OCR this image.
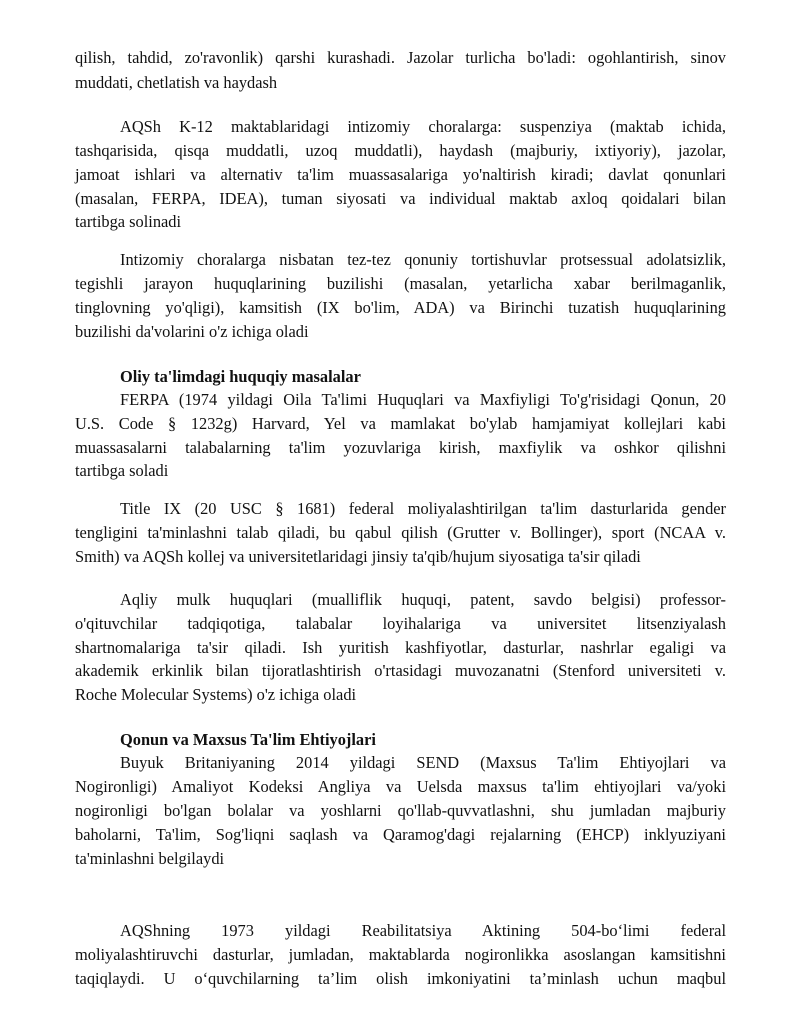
qilish, tahdid, zo'ravonlik) qarshi kurashadi. Jazolar turlicha bo'ladi: ogohlantirish, sinov
muddati, chetlatish va haydash
AQSh K-12 maktablaridagi intizomiy choralarga: suspenziya (maktab ichida,
tashqarisida, qisqa muddatli, uzoq muddatli), haydash (majburiy, ixtiyoriy), jazolar,
jamoat ishlari va alternativ ta'lim muassasalariga yo'naltirish kiradi; davlat qonunlari
(masalan, FERPA, IDEA), tuman siyosati va individual maktab axloq qoidalari bilan
tartibga solinadi
Intizomiy choralarga nisbatan tez-tez qonuniy tortishuvlar protsessual adolatsizlik,
tegishli jarayon huquqlarining buzilishi (masalan, yetarlicha xabar berilmaganlik,
tinglovning yo'qligi), kamsitish (IX bo'lim, ADA) va Birinchi tuzatish huquqlarining
buzilishi da'volarini o'z ichiga oladi
Oliy ta'limdagi huquqiy masalalar
FERPA (1974 yildagi Oila Ta'limi Huquqlari va Maxfiyligi To'g'risidagi Qonun, 20
U.S. Code § 1232g) Harvard, Yel va mamlakat bo'ylab hamjamiyat kollejlari kabi
muassasalarni talabalarning ta'lim yozuvlariga kirish, maxfiylik va oshkor qilishni
tartibga soladi
Title IX (20 USC § 1681) federal moliyalashtirilgan ta'lim dasturlarida gender
tengligini ta'minlashni talab qiladi, bu qabul qilish (Grutter v. Bollinger), sport (NCAA v.
Smith) va AQSh kollej va universitetlaridagi jinsiy ta'qib/hujum siyosatiga ta'sir qiladi
Aqliy mulk huquqlari (mualliflik huquqi, patent, savdo belgisi) professor-
o'qituvchilar tadqiqotiga, talabalar loyihalariga va universitet litsenziyalash
shartnomalariga ta'sir qiladi. Ish yuritish kashfiyotlar, dasturlar, nashrlar egaligi va
akademik erkinlik bilan tijoratlashtirish o'rtasidagi muvozanatni (Stenford universiteti v.
Roche Molecular Systems) o'z ichiga oladi
Qonun va Maxsus Ta'lim Ehtiyojlari
Buyuk Britaniyaning 2014 yildagi SEND (Maxsus Ta'lim Ehtiyojlari va
Nogironligi) Amaliyot Kodeksi Angliya va Uelsda maxsus ta'lim ehtiyojlari va/yoki
nogironligi bo'lgan bolalar va yoshlarni qo'llab-quvvatlashni, shu jumladan majburiy
baholarni, Ta'lim, Sog'liqni saqlash va Qaramog'dagi rejalarning (EHCP) inklyuziyani
ta'minlashni belgilaydi
AQShning 1973 yildagi Reabilitatsiya Aktining 504-bo‘limi federal
moliyalashtiruvchi dasturlar, jumladan, maktablarda nogironlikka asoslangan kamsitishni
taqiqlaydi. U o‘quvchilarning ta’lim olish imkoniyatini ta’minlash uchun maqbul
